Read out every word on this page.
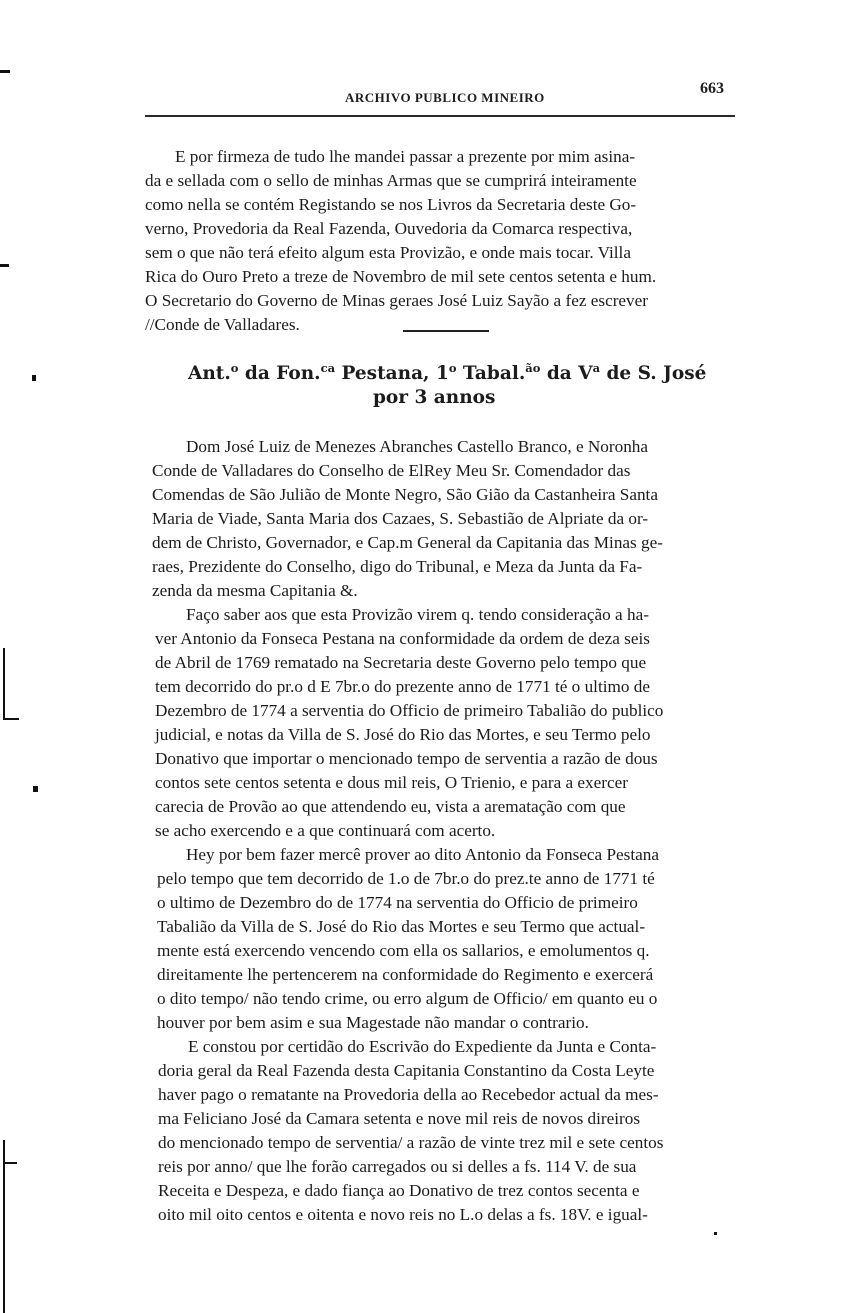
ARCHIVO PUBLICO MINEIRO
663
E por firmeza de tudo lhe mandei passar a prezente por mim asina-
da e sellada com o sello de minhas Armas que se cumprirá inteiramente
como nella se contém Registando se nos Livros da Secretaria deste Go-
verno, Provedoria da Real Fazenda, Ouvedoria da Comarca respectiva,
sem o que não terá efeito algum esta Provizão, e onde mais tocar. Villa
Rica do Ouro Preto a treze de Novembro de mil sete centos setenta e hum.
O Secretario do Governo de Minas geraes José Luiz Sayão a fez escrever
//Conde de Valladares.
Ant.$^o$ da Fon.$^{ca}$ Pestana, 1$^o$ Tabal.$^{ão}$ da $V^a$ de S. José
por 3 annos
Dom José Luiz de Menezes Abranches Castello Branco, e Noronha
Conde de Valladares do Conselho de ElRey Meu Sr. Comendador das
Comendas de São Julião de Monte Negro, São Gião da Castanheira Santa
Maria de Viade, Santa Maria dos Cazaes, S. Sebastião de Alpriate da or-
dem de Christo, Governador, e Cap.m General da Capitania das Minas ge-
raes, Prezidente do Conselho, digo do Tribunal, e Meza da Junta da Fa-
zenda da mesma Capitania &.
Faço saber aos que esta Provizão virem q. tendo consideração a ha-
ver Antonio da Fonseca Pestana na conformidade da ordem de deza seis
de Abril de 1769 rematado na Secretaria deste Governo pelo tempo que
tem decorrido do pr.o d E 7br.o do prezente anno de 1771 té o ultimo de
Dezembro de 1774 a serventia do Officio de primeiro Tabalião do publico
judicial, e notas da Villa de S. José do Rio das Mortes, e seu Termo pelo
Donativo que importar o mencionado tempo de serventia a razão de dous
contos sete centos setenta e dous mil reis, O Trienio, e para a exercer
carecia de Provão ao que attendendo eu, vista a arematação com que
se acho exercendo e a que continuará com acerto.
Hey por bem fazer mercê prover ao dito Antonio da Fonseca Pestana
pelo tempo que tem decorrido de 1.o de 7br.o do prez.te anno de 1771 té
o ultimo de Dezembro do de 1774 na serventia do Officio de primeiro
Tabalião da Villa de S. José do Rio das Mortes e seu Termo que actual-
mente está exercendo vencendo com ella os sallarios, e emolumentos q.
direitamente lhe pertencerem na conformidade do Regimento e exercerá
o dito tempo/ não tendo crime, ou erro algum de Officio/ em quanto eu o
houver por bem asim e sua Magestade não mandar o contrario.
E constou por certidão do Escrivão do Expediente da Junta e Conta-
doria geral da Real Fazenda desta Capitania Constantino da Costa Leyte
haver pago o rematante na Provedoria della ao Recebedor actual da mes-
ma Feliciano José da Camara setenta e nove mil reis de novos direiros
do mencionado tempo de serventia/ a razão de vinte trez mil e sete centos
reis por anno/ que lhe forão carregados ou si delles a fs. 114 V. de sua
Receita e Despeza, e dado fiança ao Donativo de trez contos secenta e
oito mil oito centos e oitenta e novo reis no L.o delas a fs. 18V. e igual-
